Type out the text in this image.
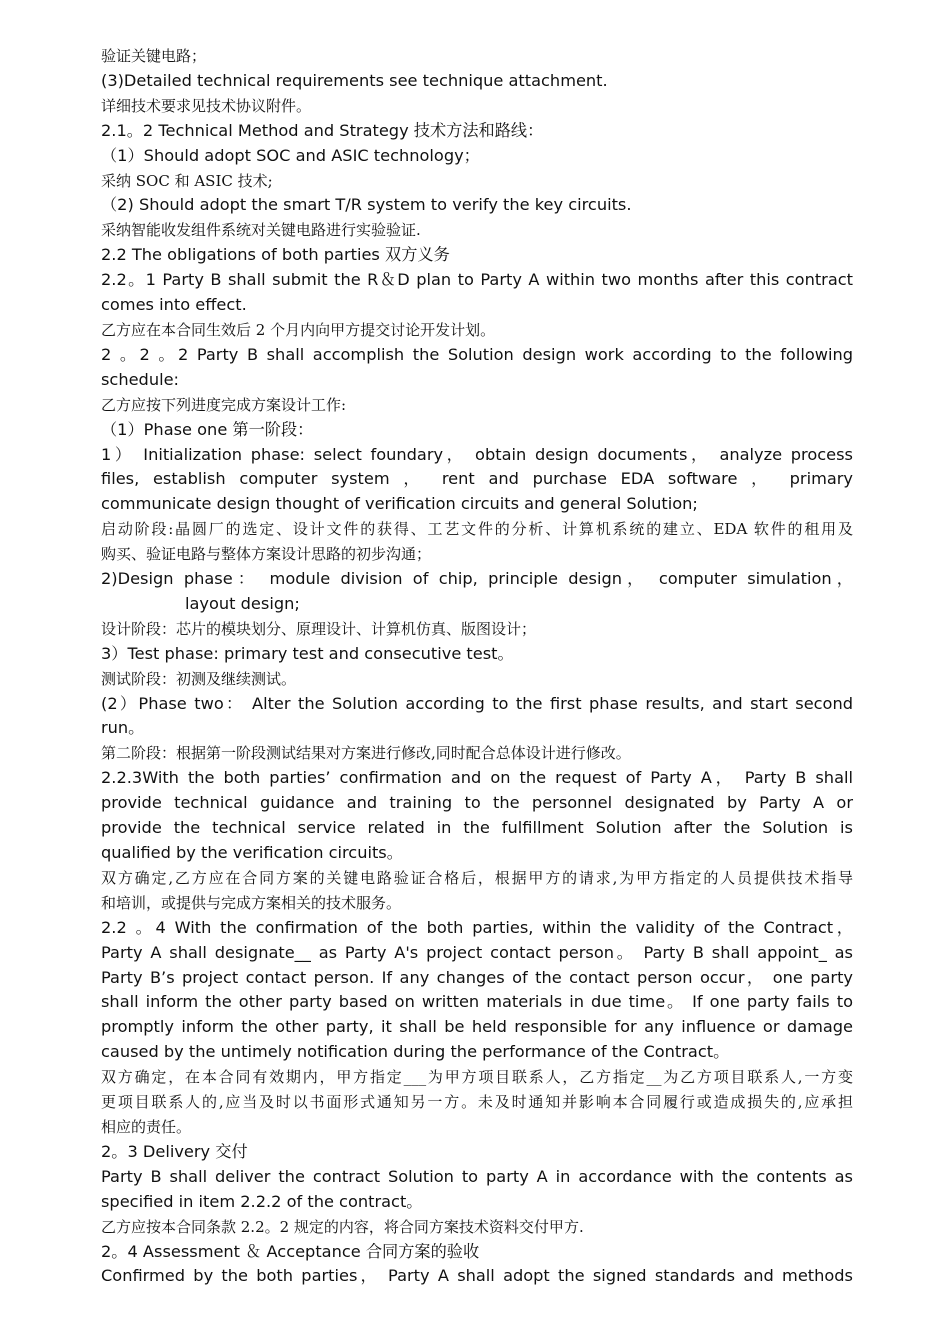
验证关键电路；
(3)Detailed technical requirements see technique attachment.
详细技术要求见技术协议附件。
2.1。2 Technical Method and Strategy 技术方法和路线：
（1）Should adopt SOC and ASIC technology；
采纳 SOC 和 ASIC 技术;
（2) Should adopt the smart T/R system to verify the key circuits.
采纳智能收发组件系统对关键电路进行实验验证.
2.2 The obligations of both parties 双方义务
2.2。1 Party B shall submit the R＆D plan to Party A within two months after this contract
comes into effect.
乙方应在本合同生效后 2 个月内向甲方提交讨论开发计划。
2 。2 。2 Party B shall accomplish the Solution design work according to the following
schedule:
乙方应按下列进度完成方案设计工作:
（1）Phase one 第一阶段：
1） Initialization phase: select foundary， obtain design documents， analyze process
files, establish computer system ， rent and purchase EDA software ， primary
communicate design thought of verification circuits and general Solution;
启动阶段:晶圆厂的选定、设计文件的获得、工艺文件的分析、计算机系统的建立、EDA 软件的租用及
购买、验证电路与整体方案设计思路的初步沟通；
2)Design phase： module division of chip, principle design， computer simulation，
layout design;
设计阶段：芯片的模块划分、原理设计、计算机仿真、版图设计；
3）Test phase: primary test and consecutive test。
测试阶段：初测及继续测试。
(2）Phase two： Alter the Solution according to the first phase results, and start second
run。
第二阶段：根据第一阶段测试结果对方案进行修改,同时配合总体设计进行修改。
2.2.3With the both parties’ confirmation and on the request of Party A， Party B shall
provide technical guidance and training to the personnel designated by Party A or
provide the technical service related in the fulfillment Solution after the Solution is
qualified by the verification circuits。
双方确定,乙方应在合同方案的关键电路验证合格后，根据甲方的请求,为甲方指定的人员提供技术指导
和培训，或提供与完成方案相关的技术服务。
2.2 。4 With the confirmation of the both parties, within the validity of the Contract，
Party A shall designate__ as Party A's project contact person。 Party B shall appoint_ as
Party B’s project contact person. If any changes of the contact person occur， one party
shall inform the other party based on written materials in due time。 If one party fails to
promptly inform the other party, it shall be held responsible for any influence or damage
caused by the untimely notification during the performance of the Contract。
双方确定，在本合同有效期内，甲方指定___为甲方项目联系人，乙方指定__为乙方项目联系人,一方变
更项目联系人的,应当及时以书面形式通知另一方。未及时通知并影响本合同履行或造成损失的,应承担
相应的责任。
2。3 Delivery 交付
Party B shall deliver the contract Solution to party A in accordance with the contents as
specified in item 2.2.2 of the contract。
乙方应按本合同条款 2.2。2 规定的内容，将合同方案技术资料交付甲方.
2。4 Assessment ＆ Acceptance 合同方案的验收
Confirmed by the both parties， Party A shall adopt the signed standards and methods
